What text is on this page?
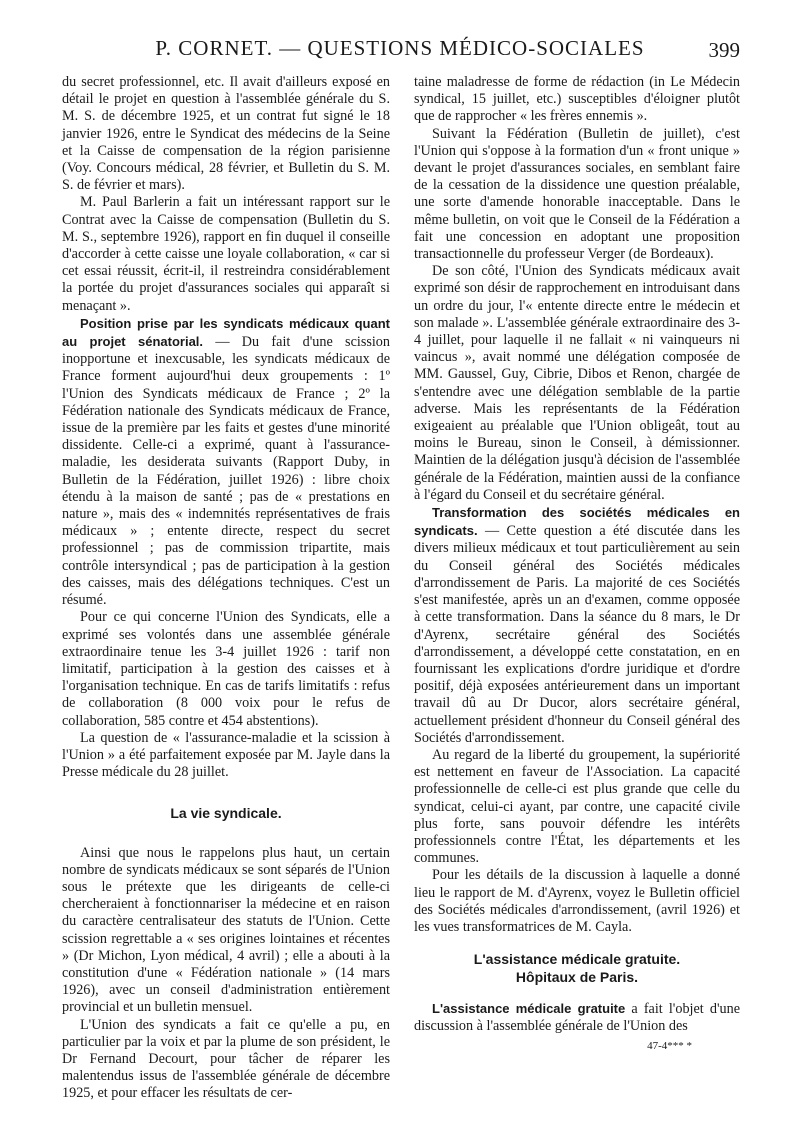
P. CORNET. — QUESTIONS MÉDICO-SOCIALES	399

du secret professionnel, etc. Il avait d'ailleurs exposé en détail le projet en question à l'assemblée générale du S. M. S. de décembre 1925, et un contrat fut signé le 18 janvier 1926, entre le Syndicat des médecins de la Seine et la Caisse de compensation de la région parisienne (Voy. Concours médical, 28 février, et Bulletin du S. M. S. de février et mars).

M. Paul Barlerin a fait un intéressant rapport sur le Contrat avec la Caisse de compensation (Bulletin du S. M. S., septembre 1926), rapport en fin duquel il conseille d'accorder à cette caisse une loyale collaboration, « car si cet essai réussit, écrit-il, il restreindra considérablement la portée du projet d'assurances sociales qui apparaît si menaçant ».

Position prise par les syndicats médicaux quant au projet sénatorial. — Du fait d'une scission inopportune et inexcusable, les syndicats médicaux de France forment aujourd'hui deux groupements : 1º l'Union des Syndicats médicaux de France ; 2º la Fédération nationale des Syndicats médicaux de France, issue de la première par les faits et gestes d'une minorité dissidente. Celle-ci a exprimé, quant à l'assurance-maladie, les desiderata suivants (Rapport Duby, in Bulletin de la Fédération, juillet 1926) : libre choix étendu à la maison de santé ; pas de « prestations en nature », mais des « indemnités représentatives de frais médicaux » ; entente directe, respect du secret professionnel ; pas de commission tripartite, mais contrôle intersyndical ; pas de participation à la gestion des caisses, mais des délégations techniques. C'est un résumé.

Pour ce qui concerne l'Union des Syndicats, elle a exprimé ses volontés dans une assemblée générale extraordinaire tenue les 3-4 juillet 1926 : tarif non limitatif, participation à la gestion des caisses et à l'organisation technique. En cas de tarifs limitatifs : refus de collaboration (8 000 voix pour le refus de collaboration, 585 contre et 454 abstentions).

La question de « l'assurance-maladie et la scission à l'Union » a été parfaitement exposée par M. Jayle dans la Presse médicale du 28 juillet.

La vie syndicale.

Ainsi que nous le rappelons plus haut, un certain nombre de syndicats médicaux se sont séparés de l'Union sous le prétexte que les dirigeants de celle-ci chercheraient à fonctionnariser la médecine et en raison du caractère centralisateur des statuts de l'Union. Cette scission regrettable a « ses origines lointaines et récentes » (Dr Michon, Lyon médical, 4 avril) ; elle a abouti à la constitution d'une « Fédération nationale » (14 mars 1926), avec un conseil d'administration entièrement provincial et un bulletin mensuel.

L'Union des syndicats a fait ce qu'elle a pu, en particulier par la voix et par la plume de son président, le Dr Fernand Decourt, pour tâcher de réparer les malentendus issus de l'assemblée générale de décembre 1925, et pour effacer les résultats de cer-

taine maladresse de forme de rédaction (in Le Médecin syndical, 15 juillet, etc.) susceptibles d'éloigner plutôt que de rapprocher « les frères ennemis ».

Suivant la Fédération (Bulletin de juillet), c'est l'Union qui s'oppose à la formation d'un « front unique » devant le projet d'assurances sociales, en semblant faire de la cessation de la dissidence une question préalable, une sorte d'amende honorable inacceptable. Dans le même bulletin, on voit que le Conseil de la Fédération a fait une concession en adoptant une proposition transactionnelle du professeur Verger (de Bordeaux).

De son côté, l'Union des Syndicats médicaux avait exprimé son désir de rapprochement en introduisant dans un ordre du jour, l'« entente directe entre le médecin et son malade ». L'assemblée générale extraordinaire des 3-4 juillet, pour laquelle il ne fallait « ni vainqueurs ni vaincus », avait nommé une délégation composée de MM. Gaussel, Guy, Cibrie, Dibos et Renon, chargée de s'entendre avec une délégation semblable de la partie adverse. Mais les représentants de la Fédération exigeaient au préalable que l'Union obligeât, tout au moins le Bureau, sinon le Conseil, à démissionner. Maintien de la délégation jusqu'à décision de l'assemblée générale de la Fédération, maintien aussi de la confiance à l'égard du Conseil et du secrétaire général.

Transformation des sociétés médicales en syndicats. — Cette question a été discutée dans les divers milieux médicaux et tout particulièrement au sein du Conseil général des Sociétés médicales d'arrondissement de Paris. La majorité de ces Sociétés s'est manifestée, après un an d'examen, comme opposée à cette transformation. Dans la séance du 8 mars, le Dr d'Ayrenx, secrétaire général des Sociétés d'arrondissement, a développé cette constatation, en en fournissant les explications d'ordre juridique et d'ordre positif, déjà exposées antérieurement dans un important travail dû au Dr Ducor, alors secrétaire général, actuellement président d'honneur du Conseil général des Sociétés d'arrondissement.

Au regard de la liberté du groupement, la supériorité est nettement en faveur de l'Association. La capacité professionnelle de celle-ci est plus grande que celle du syndicat, celui-ci ayant, par contre, une capacité civile plus forte, sans pouvoir défendre les intérêts professionnels contre l'État, les départements et les communes.

Pour les détails de la discussion à laquelle a donné lieu le rapport de M. d'Ayrenx, voyez le Bulletin officiel des Sociétés médicales d'arrondissement, (avril 1926) et les vues transformatrices de M. Cayla.

L'assistance médicale gratuite.
Hôpitaux de Paris.

L'assistance médicale gratuite a fait l'objet d'une discussion à l'assemblée générale de l'Union des

47-4*** *
